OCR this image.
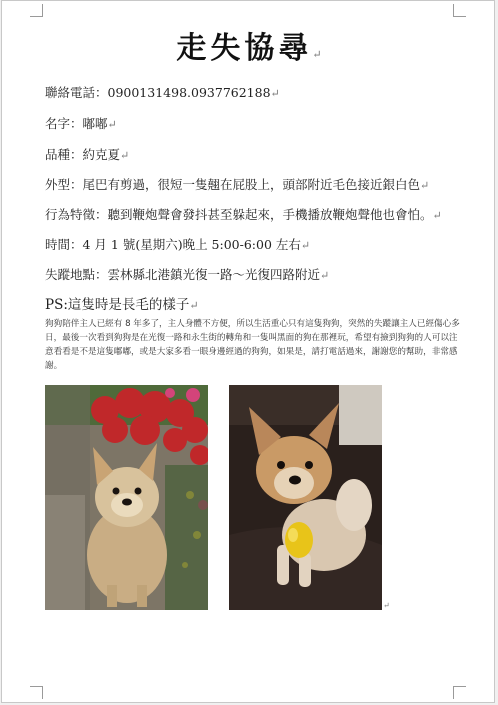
走失協尋↵
聯絡電話：0900131498.0937762188↵
名字：嘟嘟↵
品種：約克夏↵
外型：尾巴有剪過，很短一隻翹在屁股上，頭部附近毛色接近銀白色↵
行為特徵：聽到鞭炮聲會發抖甚至躲起來，手機播放鞭炮聲他也會怕。↵
時間：4 月 1 號(星期六)晚上 5:00-6:00 左右↵
失蹤地點：雲林縣北港鎮光復一路～光復四路附近↵
PS:這隻時是長毛的樣子↵
狗狗陪伴主人已經有 8 年多了，主人身體不方便，所以生活重心只有這隻狗狗，突然的失蹤讓主人已經傷心多日，最後一次看到狗狗是在光復一路和永生街的轉角和一隻叫黑面的狗在那裡玩，希望有撿到狗狗的人可以注意看看是不是這隻嘟嘟，或是大家多看一眼身邊經過的狗狗，如果是，請打電話過來，謝謝您的幫助，非常感謝。
↵
